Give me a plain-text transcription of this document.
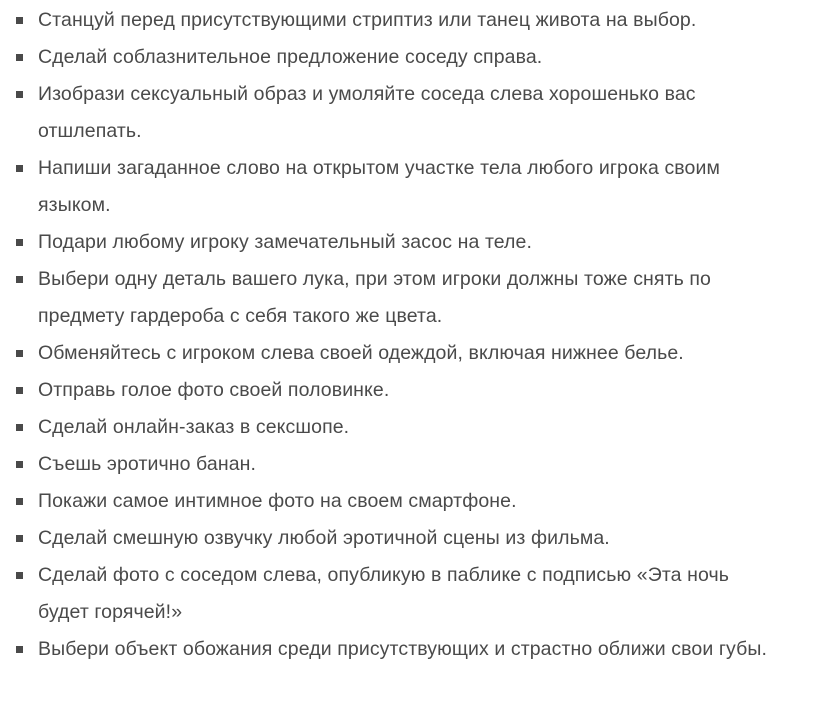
Станцуй перед присутствующими стриптиз или танец живота на выбор.
Сделай соблазнительное предложение соседу справа.
Изобрази сексуальный образ и умоляйте соседа слева хорошенько вас отшлепать.
Напиши загаданное слово на открытом участке тела любого игрока своим языком.
Подари любому игроку замечательный засос на теле.
Выбери одну деталь вашего лука, при этом игроки должны тоже снять по предмету гардероба с себя такого же цвета.
Обменяйтесь с игроком слева своей одеждой, включая нижнее белье.
Отправь голое фото своей половинке.
Сделай онлайн-заказ в сексшопе.
Съешь эротично банан.
Покажи самое интимное фото на своем смартфоне.
Сделай смешную озвучку любой эротичной сцены из фильма.
Сделай фото с соседом слева, опубликую в паблике с подписью «Эта ночь будет горячей!»
Выбери объект обожания среди присутствующих и страстно оближи свои губы.
